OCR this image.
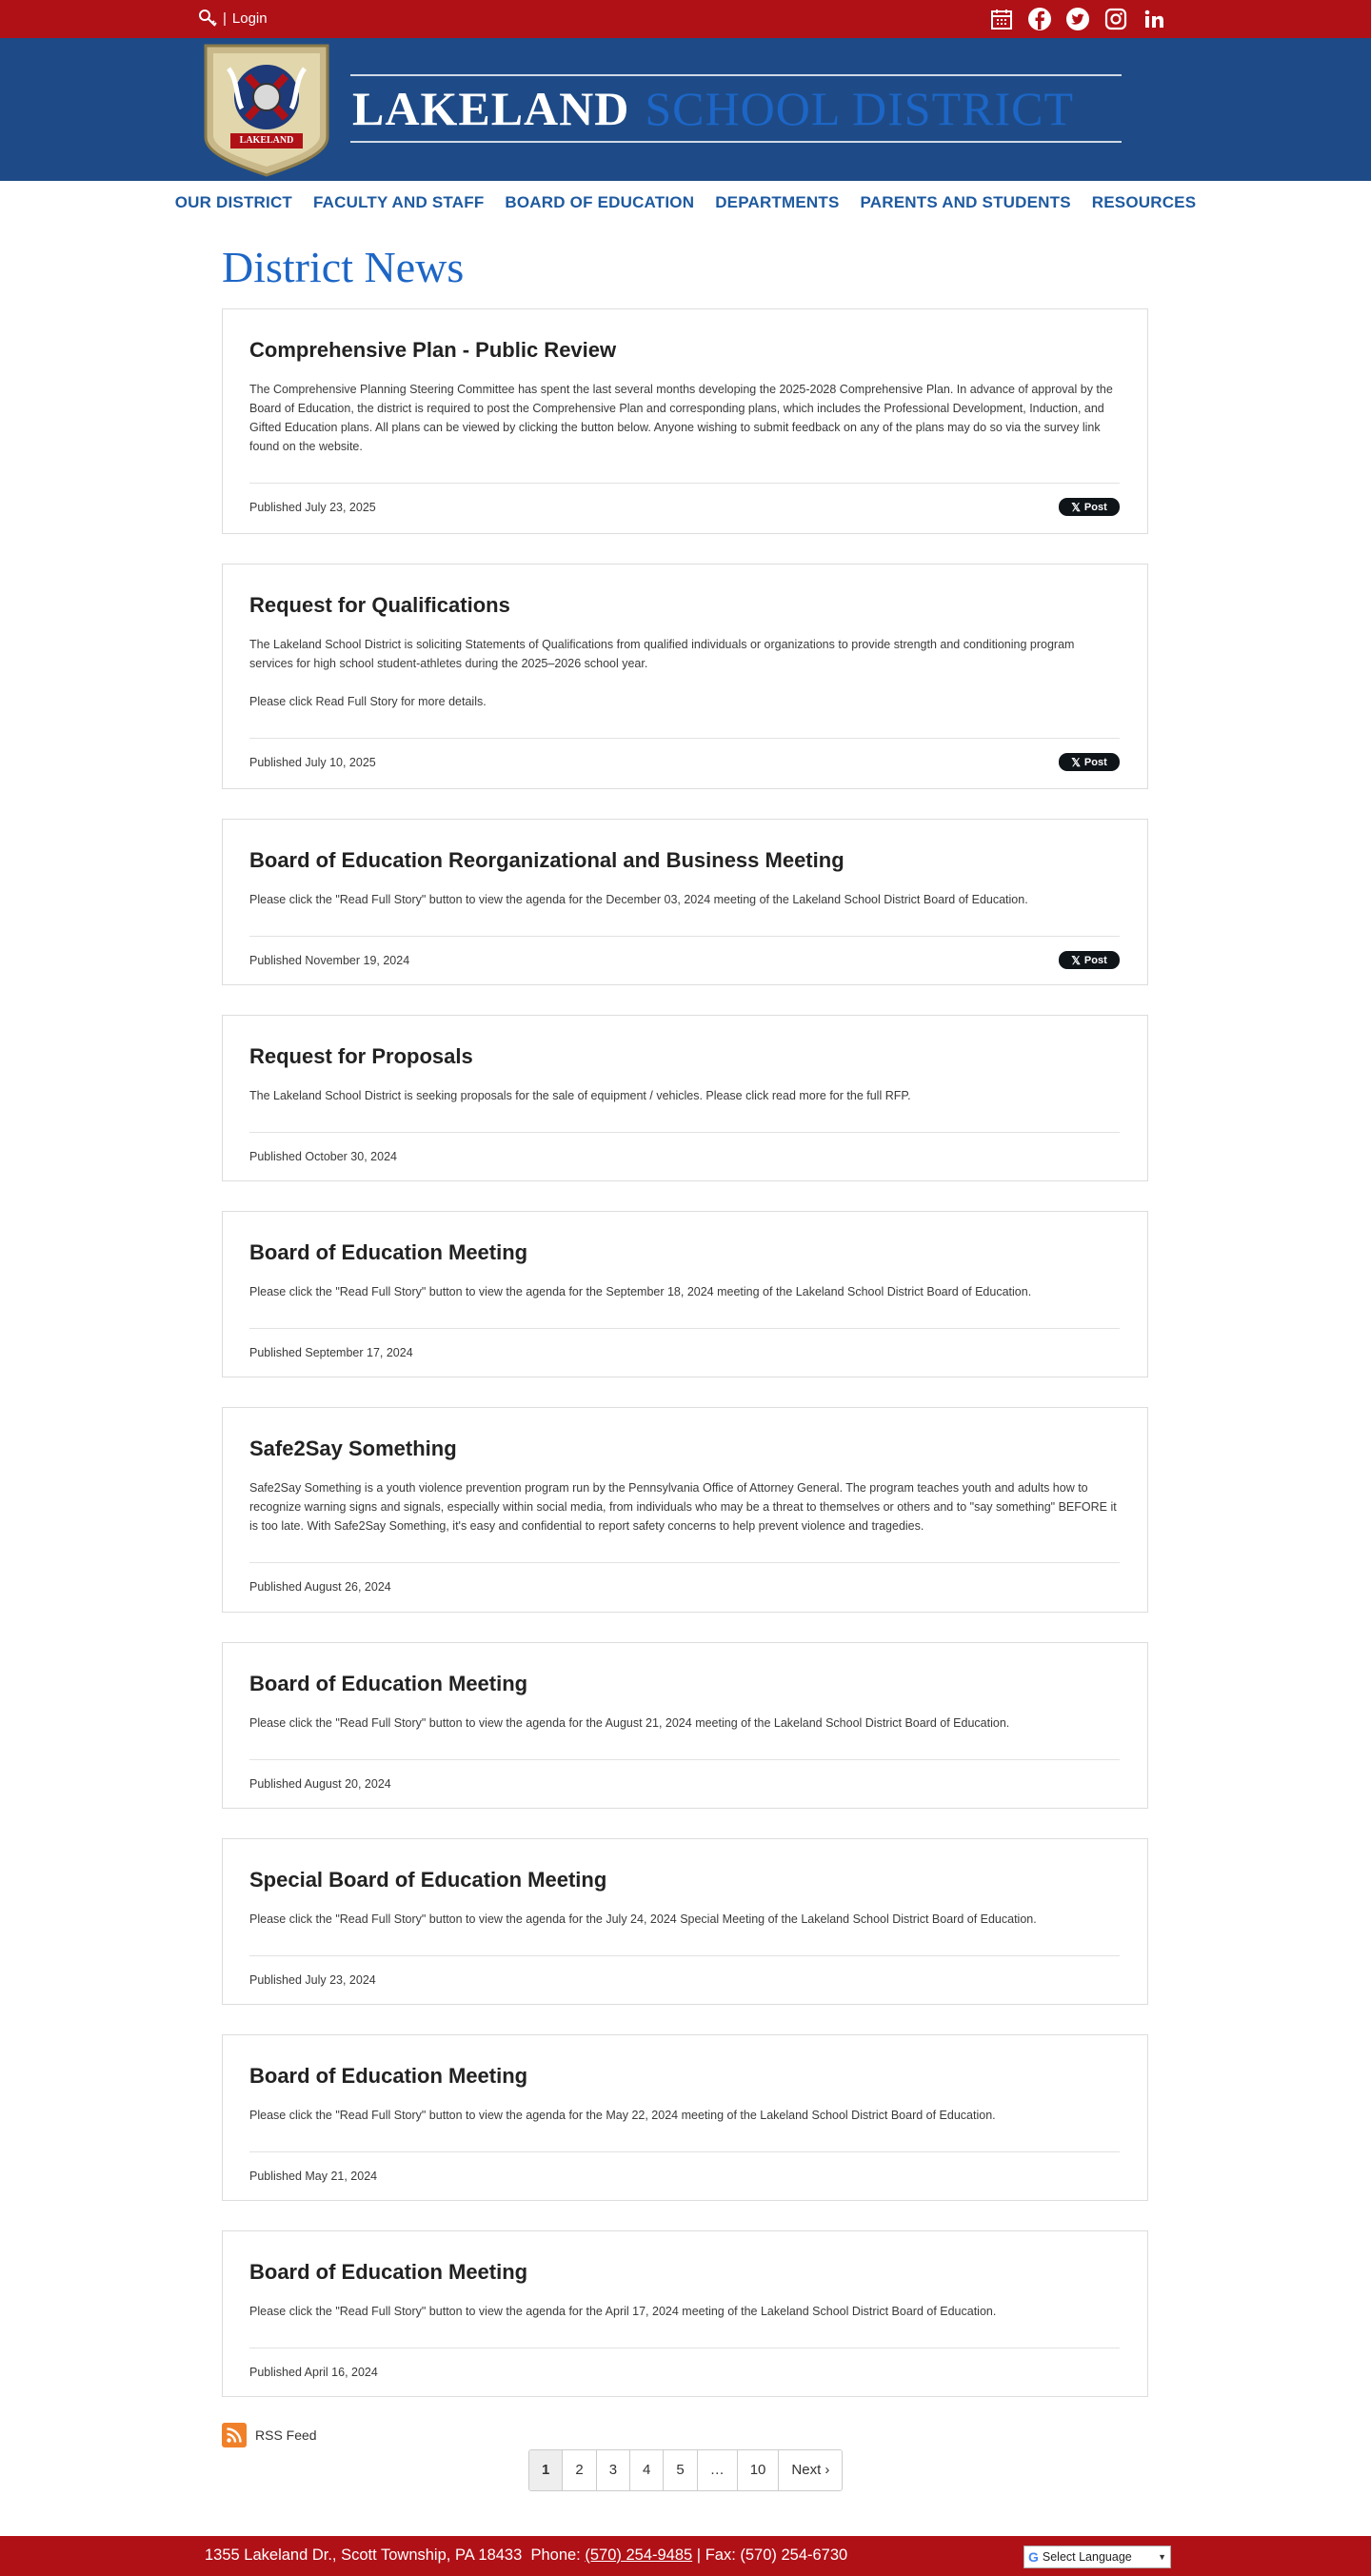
| Login
LAKELAND
LAKELAND SCHOOL DISTRICT
OUR DISTRICT FACULTY AND STAFF BOARD OF EDUCATION DEPARTMENTS PARENTS AND STUDENTS RESOURCES
District News
Comprehensive Plan - Public Review

The Comprehensive Planning Steering Committee has spent the last several months developing the 2025-2028 Comprehensive Plan. In advance of approval by the Board of Education, the district is required to post the Comprehensive Plan and corresponding plans, which includes the Professional Development, Induction, and Gifted Education plans. All plans can be viewed by clicking the button below. Anyone wishing to submit feedback on any of the plans may do so via the survey link found on the website.

Published July 23, 2025	𝕏 Post
Request for Qualifications

The Lakeland School District is soliciting Statements of Qualifications from qualified individuals or organizations to provide strength and conditioning program services for high school student-athletes during the 2025–2026 school year.

Please click Read Full Story for more details.

Published July 10, 2025	𝕏 Post
Board of Education Reorganizational and Business Meeting

Please click the "Read Full Story" button to view the agenda for the December 03, 2024 meeting of the Lakeland School District Board of Education.

Published November 19, 2024	𝕏 Post
Request for Proposals

The Lakeland School District is seeking proposals for the sale of equipment / vehicles. Please click read more for the full RFP.

Published October 30, 2024
Board of Education Meeting

Please click the "Read Full Story" button to view the agenda for the September 18, 2024 meeting of the Lakeland School District Board of Education.

Published September 17, 2024
Safe2Say Something

Safe2Say Something is a youth violence prevention program run by the Pennsylvania Office of Attorney General. The program teaches youth and adults how to recognize warning signs and signals, especially within social media, from individuals who may be a threat to themselves or others and to "say something" BEFORE it is too late. With Safe2Say Something, it's easy and confidential to report safety concerns to help prevent violence and tragedies.

Published August 26, 2024
Board of Education Meeting

Please click the "Read Full Story" button to view the agenda for the August 21, 2024 meeting of the Lakeland School District Board of Education.

Published August 20, 2024
Special Board of Education Meeting

Please click the "Read Full Story" button to view the agenda for the July 24, 2024 Special Meeting of the Lakeland School District Board of Education.

Published July 23, 2024
Board of Education Meeting

Please click the "Read Full Story" button to view the agenda for the May 22, 2024 meeting of the Lakeland School District Board of Education.

Published May 21, 2024
Board of Education Meeting

Please click the "Read Full Story" button to view the agenda for the April 17, 2024 meeting of the Lakeland School District Board of Education.

Published April 16, 2024
RSS Feed
1	2	3	4	5	…	10	Next ›
1355 Lakeland Dr., Scott Township, PA 18433 Phone: (570) 254-9485 | Fax: (570) 254-6730	G Select Language	▼
